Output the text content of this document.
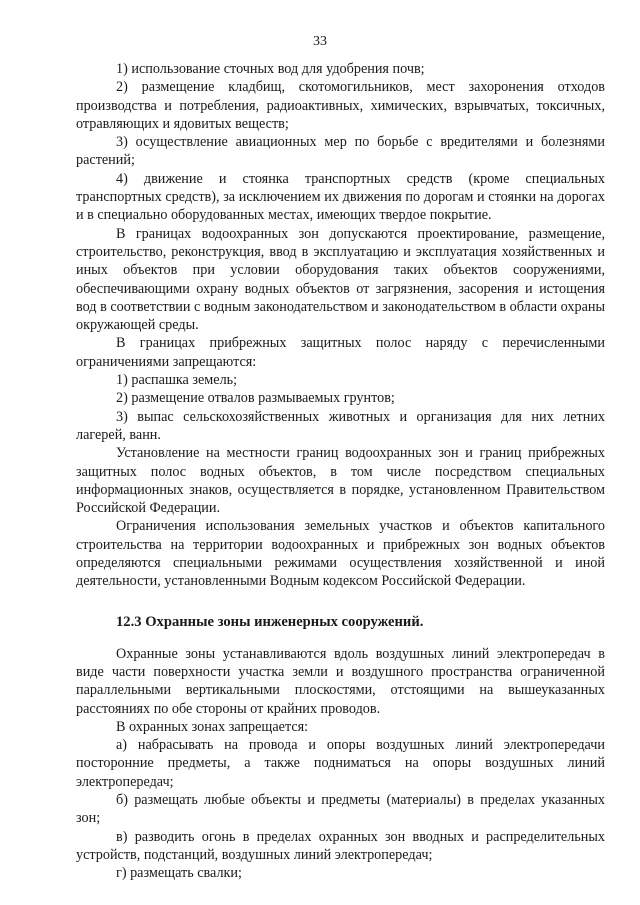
33

1) использование сточных вод для удобрения почв;

2) размещение кладбищ, скотомогильников, мест захоронения отходов производства и потребления, радиоактивных, химических, взрывчатых, токсичных, отравляющих и ядовитых веществ;

3) осуществление авиационных мер по борьбе с вредителями и болезнями растений;

4) движение и стоянка транспортных средств (кроме специальных транспортных средств), за исключением их движения по дорогам и стоянки на дорогах и в специально оборудованных местах, имеющих твердое покрытие.

В границах водоохранных зон допускаются проектирование, размещение, строительство, реконструкция, ввод в эксплуатацию и эксплуатация хозяйственных и иных объектов при условии оборудования таких объектов сооружениями, обеспечивающими охрану водных объектов от загрязнения, засорения и истощения вод в соответствии с водным законодательством и законодательством в области охраны окружающей среды.

В границах прибрежных защитных полос наряду с перечисленными ограничениями запрещаются:

1) распашка земель;

2) размещение отвалов размываемых грунтов;

3) выпас сельскохозяйственных животных и организация для них летних лагерей, ванн.

Установление на местности границ водоохранных зон и границ прибрежных защитных полос водных объектов, в том числе посредством специальных информационных знаков, осуществляется в порядке, установленном Правительством Российской Федерации.

Ограничения использования земельных участков и объектов капитального строительства на территории водоохранных и прибрежных зон водных объектов определяются специальными режимами осуществления хозяйственной и иной деятельности, установленными Водным кодексом Российской Федерации.

12.3 Охранные зоны инженерных сооружений.

Охранные зоны устанавливаются вдоль воздушных линий электропередач в виде части поверхности участка земли и воздушного пространства ограниченной параллельными вертикальными плоскостями, отстоящими на вышеуказанных расстояниях по обе стороны от крайних проводов.

В охранных зонах запрещается:

а) набрасывать на провода и опоры воздушных линий электропередачи посторонние предметы, а также подниматься на опоры воздушных линий электропередач;

б) размещать любые объекты и предметы (материалы) в пределах указанных зон;

в) разводить огонь в пределах охранных зон вводных и распределительных устройств, подстанций, воздушных линий электропередач;

г) размещать свалки;
